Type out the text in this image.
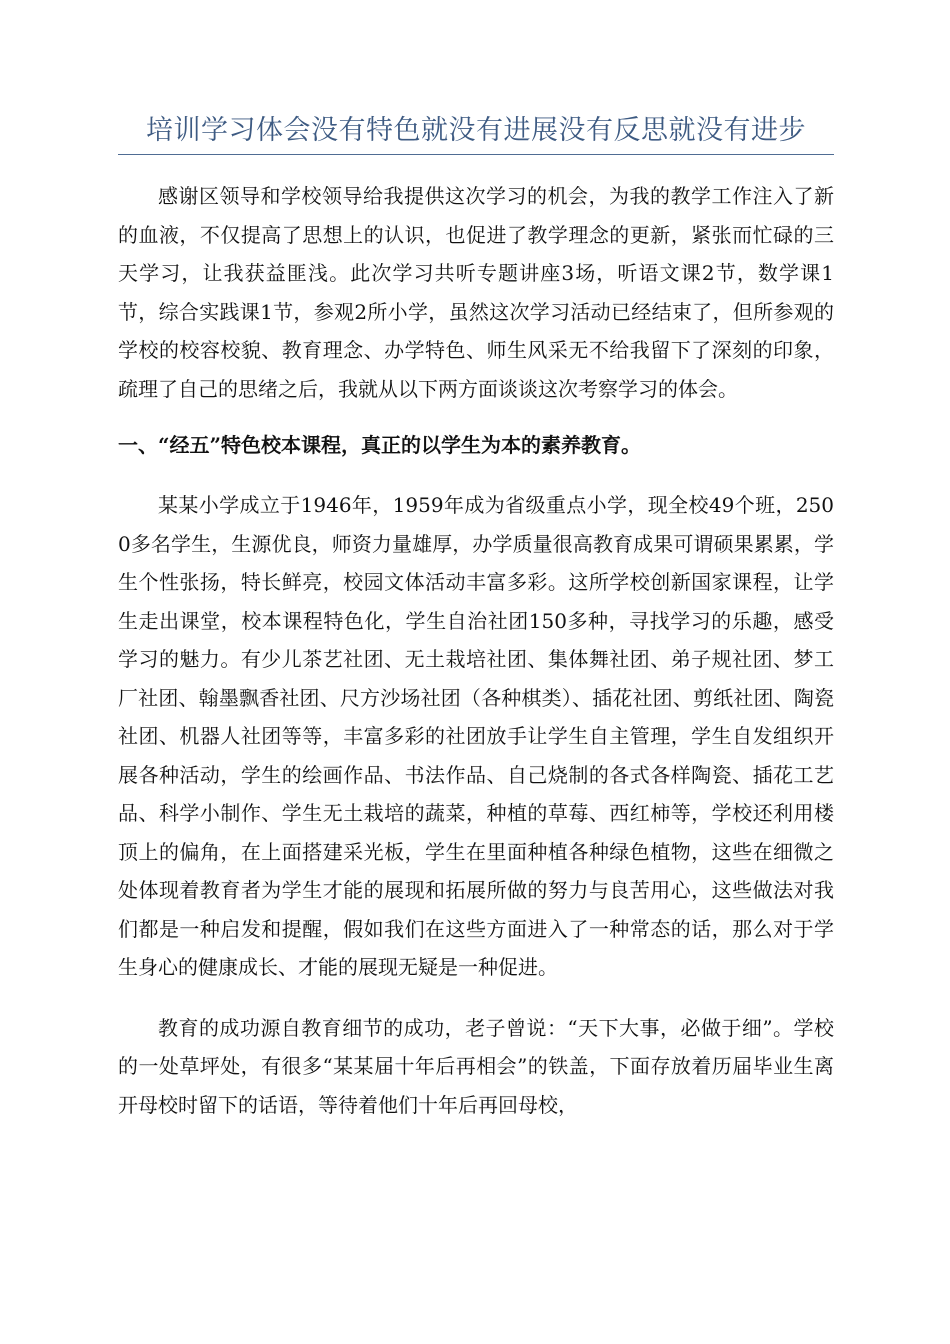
培训学习体会没有特色就没有进展没有反思就没有进步

感谢区领导和学校领导给我提供这次学习的机会，为我的教学工作注入了新的血液，不仅提高了思想上的认识，也促进了教学理念的更新，紧张而忙碌的三天学习，让我获益匪浅。此次学习共听专题讲座3场，听语文课2节，数学课1节，综合实践课1节，参观2所小学，虽然这次学习活动已经结束了，但所参观的学校的校容校貌、教育理念、办学特色、师生风采无不给我留下了深刻的印象，疏理了自己的思绪之后，我就从以下两方面谈谈这次考察学习的体会。

一、“经五”特色校本课程，真正的以学生为本的素养教育。

某某小学成立于1946年，1959年成为省级重点小学，现全校49个班，2500多名学生，生源优良，师资力量雄厚，办学质量很高教育成果可谓硕果累累，学生个性张扬，特长鲜亮，校园文体活动丰富多彩。这所学校创新国家课程，让学生走出课堂，校本课程特色化，学生自治社团150多种，寻找学习的乐趣，感受学习的魅力。有少儿茶艺社团、无土栽培社团、集体舞社团、弟子规社团、梦工厂社团、翰墨飘香社团、尺方沙场社团（各种棋类）、插花社团、剪纸社团、陶瓷社团、机器人社团等等，丰富多彩的社团放手让学生自主管理，学生自发组织开展各种活动，学生的绘画作品、书法作品、自己烧制的各式各样陶瓷、插花工艺品、科学小制作、学生无土栽培的蔬菜，种植的草莓、西红柿等，学校还利用楼顶上的偏角，在上面搭建采光板，学生在里面种植各种绿色植物，这些在细微之处体现着教育者为学生才能的展现和拓展所做的努力与良苦用心，这些做法对我们都是一种启发和提醒，假如我们在这些方面进入了一种常态的话，那么对于学生身心的健康成长、才能的展现无疑是一种促进。

教育的成功源自教育细节的成功，老子曾说：“天下大事，必做于细”。学校的一处草坪处，有很多“某某届十年后再相会”的铁盖，下面存放着历届毕业生离开母校时留下的话语，等待着他们十年后再回母校，
